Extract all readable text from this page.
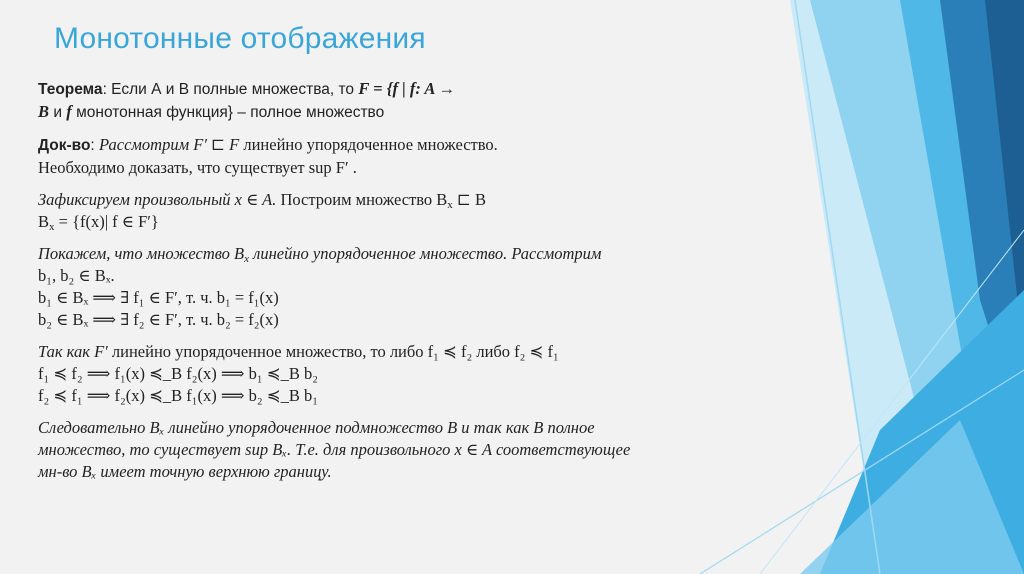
Монотонные отображения
Теорема: Если А и В полные множества, то F = {f | f: A →
B и f монотонная функция} – полное множество
Док-во: Рассмотрим F′ ⊏ F линейно упорядоченное множество.
Необходимо доказать, что существует sup F′ .
Зафиксируем произвольный x ∈ A. Построим множество $B_x$ ⊏ B
$B_x = \{f(x)|$ f ∈ F′}
Покажем, что множество $B_x$ линейно упорядоченное множество. Рассмотрим
b₁, b₂ ∈ Bₓ.
b₁ ∈ Bₓ ⟹ ∃ f₁ ∈ F′, т. ч. b₁ = f₁(x)
b₂ ∈ Bₓ ⟹ ∃ f₂ ∈ F′, т. ч. b₂ = f₂(x)
Так как F′ линейно упорядоченное множество, то либо f₁ ≼ f₂ либо f₂ ≼ f₁
f₁ ≼ f₂ ⟹ f₁(x) ≼_B f₂(x) ⟹ b₁ ≼_B b₂
f₂ ≼ f₁ ⟹ f₂(x) ≼_B f₁(x) ⟹ b₂ ≼_B b₁
Следовательно Bₓ линейно упорядоченное подмножество В и так как В полное
множество, то существует sup Bₓ. Т.е. для произвольного x ∈ A соответствующее
мн-во Bₓ имеет точную верхнюю границу.
